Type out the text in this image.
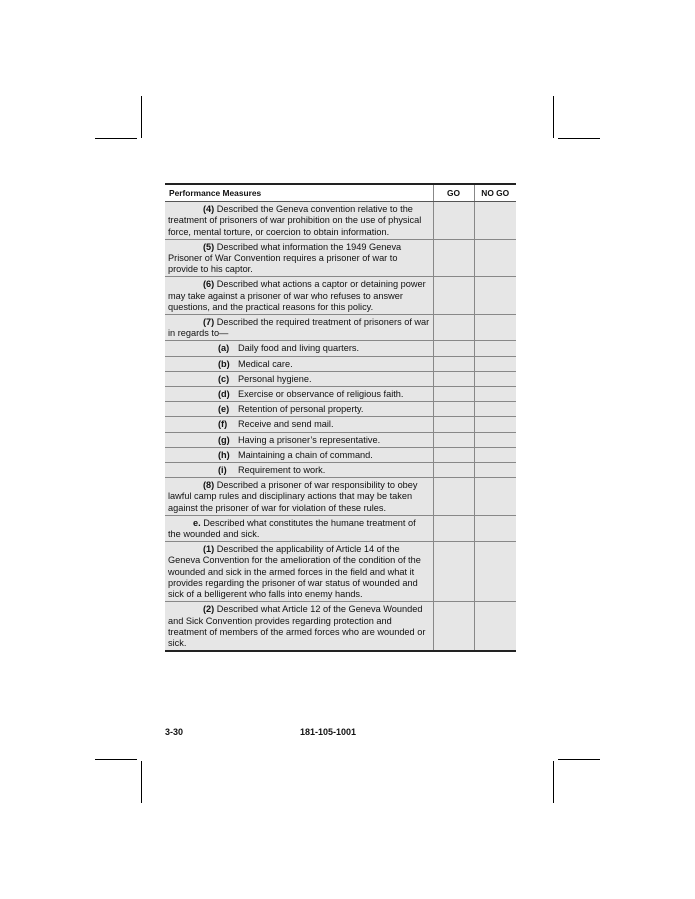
Performance Measures	GO	NO GO
(4) Described the Geneva convention relative to the treatment of prisoners of war prohibition on the use of physical force, mental torture, or coercion to obtain information.		
(5) Described what information the 1949 Geneva Prisoner of War Convention requires a prisoner of war to provide to his captor.		
(6) Described what actions a captor or detaining power may take against a prisoner of war who refuses to answer questions, and the practical reasons for this policy.		
(7) Described the required treatment of prisoners of war in regards to—		
(a) Daily food and living quarters.		
(b) Medical care.		
(c) Personal hygiene.		
(d) Exercise or observance of religious faith.		
(e) Retention of personal property.		
(f) Receive and send mail.		
(g) Having a prisoner’s representative.		
(h) Maintaining a chain of command.		
(i) Requirement to work.		
(8) Described a prisoner of war responsibility to obey lawful camp rules and disciplinary actions that may be taken against the prisoner of war for violation of these rules.		
e. Described what constitutes the humane treatment of the wounded and sick.		
(1) Described the applicability of Article 14 of the Geneva Convention for the amelioration of the condition of the wounded and sick in the armed forces in the field and what it provides regarding the prisoner of war status of wounded and sick of a belligerent who falls into enemy hands.		
(2) Described what Article 12 of the Geneva Wounded and Sick Convention provides regarding protection and treatment of members of the armed forces who are wounded or sick.		
3-30	181-105-1001
